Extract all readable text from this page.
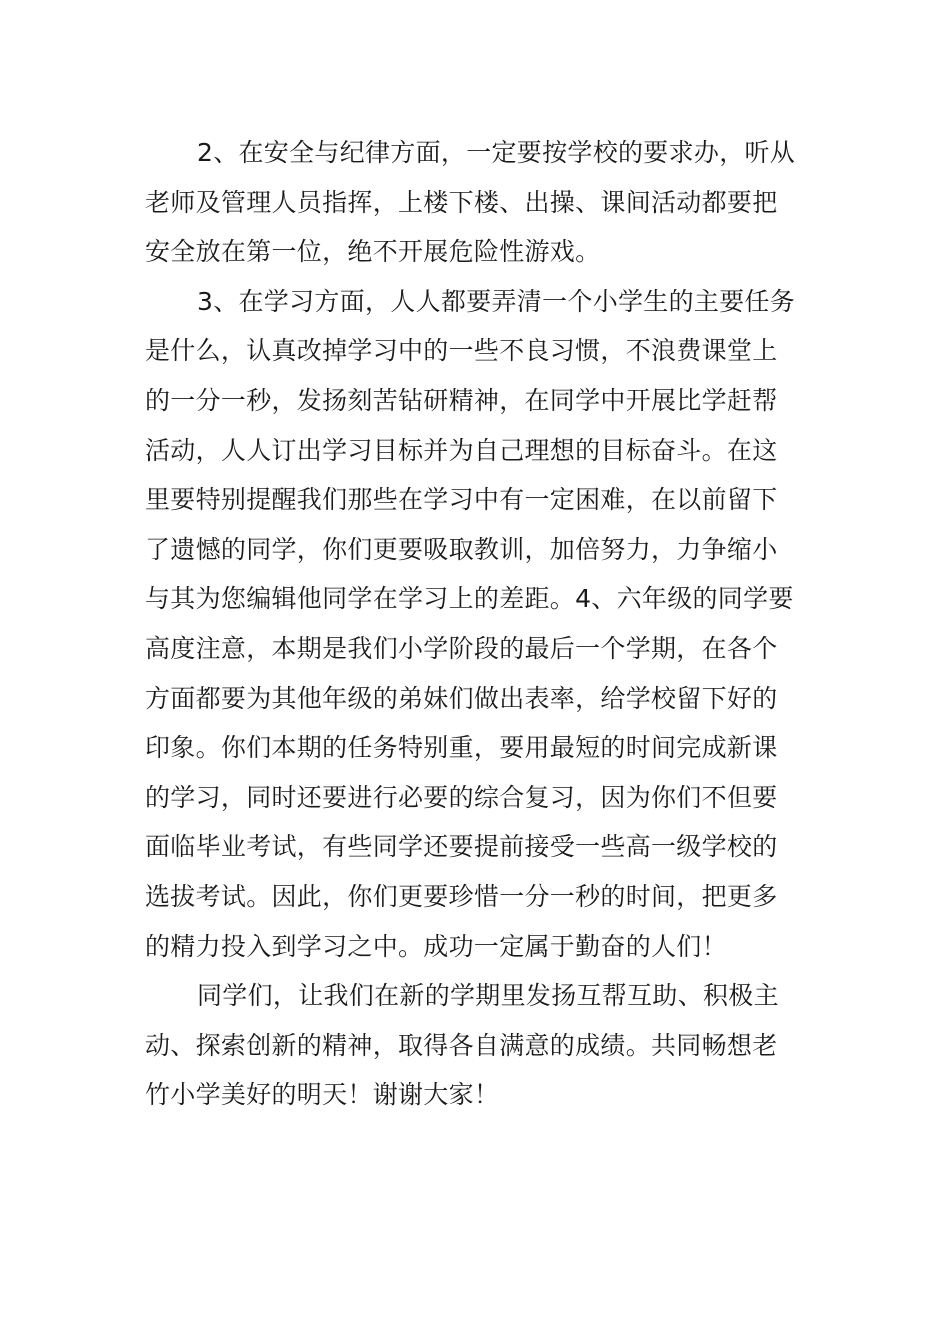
2、在安全与纪律方面，一定要按学校的要求办，听从
老师及管理人员指挥，上楼下楼、出操、课间活动都要把
安全放在第一位，绝不开展危险性游戏。
3、在学习方面，人人都要弄清一个小学生的主要任务
是什么，认真改掉学习中的一些不良习惯，不浪费课堂上
的一分一秒，发扬刻苦钻研精神，在同学中开展比学赶帮
活动，人人订出学习目标并为自己理想的目标奋斗。在这
里要特别提醒我们那些在学习中有一定困难，在以前留下
了遗憾的同学，你们更要吸取教训，加倍努力，力争缩小
与其为您编辑他同学在学习上的差距。4、六年级的同学要
高度注意，本期是我们小学阶段的最后一个学期，在各个
方面都要为其他年级的弟妹们做出表率，给学校留下好的
印象。你们本期的任务特别重，要用最短的时间完成新课
的学习，同时还要进行必要的综合复习，因为你们不但要
面临毕业考试，有些同学还要提前接受一些高一级学校的
选拔考试。因此，你们更要珍惜一分一秒的时间，把更多
的精力投入到学习之中。成功一定属于勤奋的人们！
同学们，让我们在新的学期里发扬互帮互助、积极主
动、探索创新的精神，取得各自满意的成绩。共同畅想老
竹小学美好的明天！谢谢大家！
